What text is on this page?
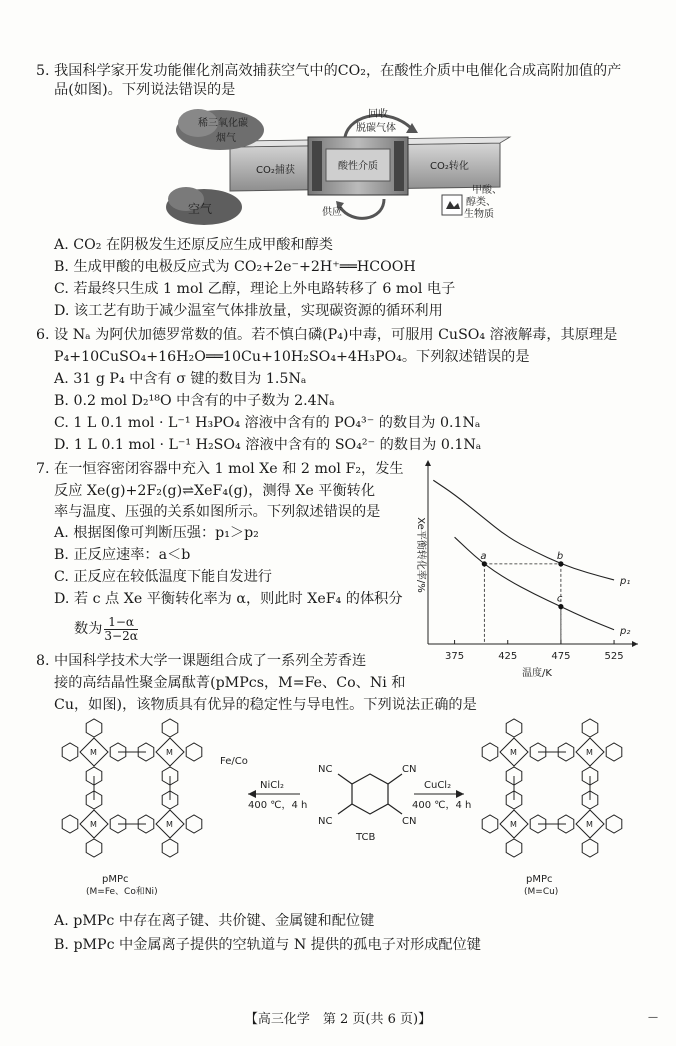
5. 我国科学家开发功能催化剂高效捕获空气中的CO₂，在酸性介质中电催化合成高附加值的产
品(如图)。下列说法错误的是
稀三氧化碳
烟气
空气
回收
脱碳气体
CO₂捕获	酸性介质	CO₂转化
供应
甲酸、
醇类、
生物质
A. CO₂ 在阴极发生还原反应生成甲酸和醇类
B. 生成甲酸的电极反应式为 CO₂+2e⁻+2H⁺══HCOOH
C. 若最终只生成 1 mol 乙醇，理论上外电路转移了 6 mol 电子
D. 该工艺有助于减少温室气体排放量，实现碳资源的循环利用
6. 设 Nₐ 为阿伏加德罗常数的值。若不慎白磷(P₄)中毒，可服用 CuSO₄ 溶液解毒，其原理是
P₄+10CuSO₄+16H₂O══10Cu+10H₂SO₄+4H₃PO₄。下列叙述错误的是
A. 31 g P₄ 中含有 σ 键的数目为 1.5Nₐ
B. 0.2 mol D₂¹⁸O 中含有的中子数为 2.4Nₐ
C. 1 L 0.1 mol · L⁻¹ H₃PO₄ 溶液中含有的 PO₄³⁻ 的数目为 0.1Nₐ
D. 1 L 0.1 mol · L⁻¹ H₂SO₄ 溶液中含有的 SO₄²⁻ 的数目为 0.1Nₐ
7. 在一恒容密闭容器中充入 1 mol Xe 和 2 mol F₂，发生
反应 Xe(g)+2F₂(g)⇌XeF₄(g)，测得 Xe 平衡转化
率与温度、压强的关系如图所示。下列叙述错误的是
A. 根据图像可判断压强：p₁＞p₂
B. 正反应速率：a＜b
C. 正反应在较低温度下能自发进行
D. 若 c 点 Xe 平衡转化率为 α，则此时 XeF₄ 的体积分
数为 $\frac{1-\alpha}{3-2\alpha}$
375	425	475	525
温度/K
Xe平衡转化率/%	p₁
p₂
a	b
c
8. 中国科学技术大学一课题组合成了一系列全芳香连
接的高结晶性聚金属酞菁(pMPcs，M=Fe、Co、Ni 和
Cu，如图)，该物质具有优异的稳定性与导电性。下列说法正确的是
M	M
M	M
M	M
M	M
CN
CN
NC
NC
TCB
NiCl₂
400 ℃，4 h
CuCl₂
400 ℃，4 h
Fe/Co
pMPc
(M=Fe、Co和Ni)
pMPc
(M=Cu)
A. pMPc 中存在离子键、共价键、金属键和配位键
B. pMPc 中金属离子提供的空轨道与 N 提供的孤电子对形成配位键
【高三化学　第 2 页(共 6 页)】	—
